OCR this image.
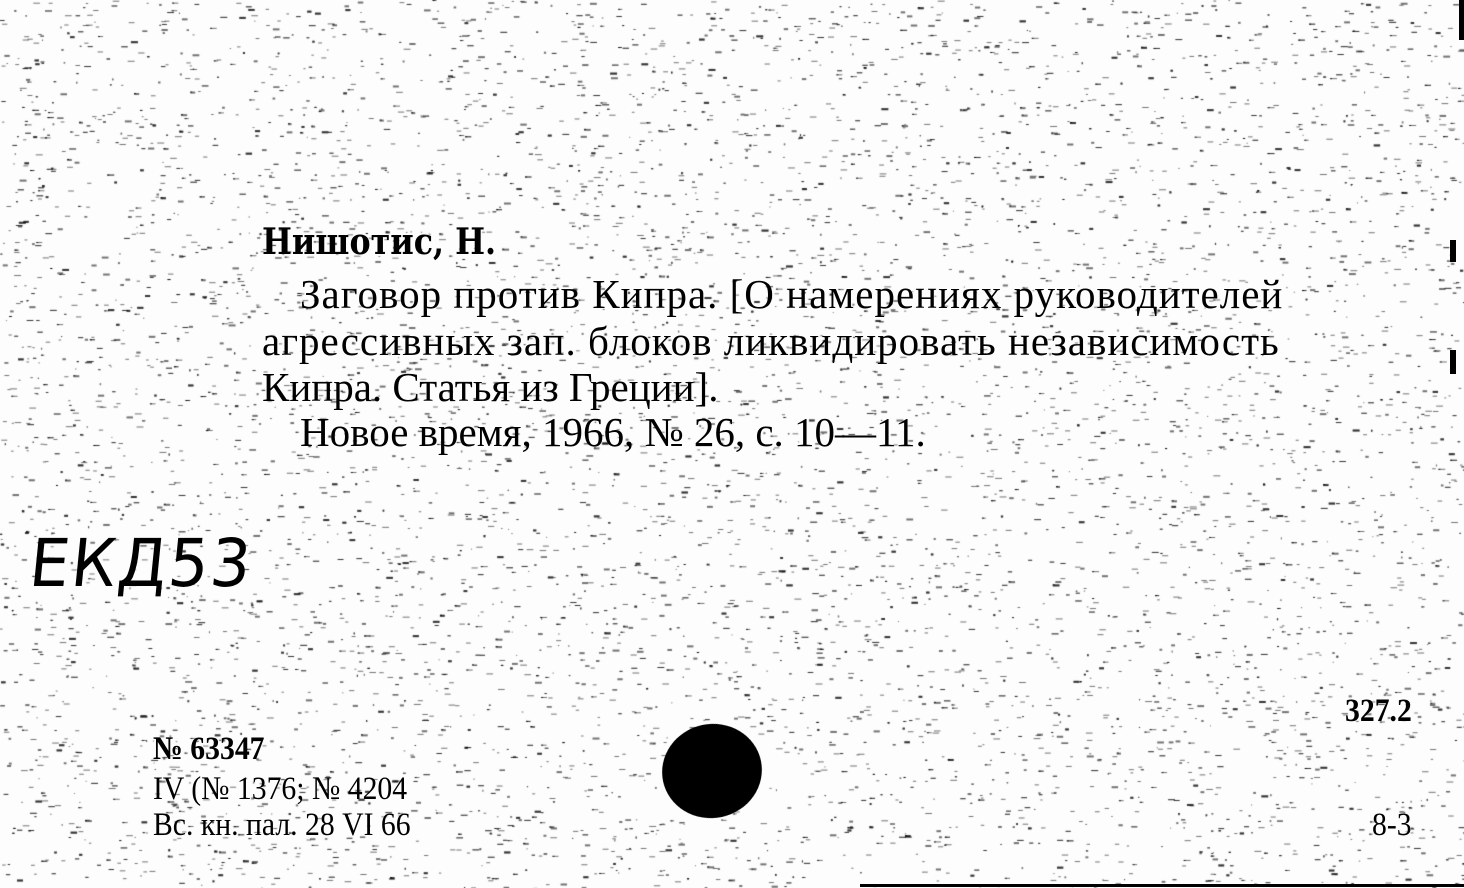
Нишотис, Н.
Заговор против Кипра. [О намерениях руководителей
агрессивных зап. блоков ликвидировать независимость
Кипра. Статья из Греции].
Новое время, 1966, № 26, с. 10—11.
ЕКД53
№ 63347
IV (№ 1376; № 4204
Вс. кн. пал. 28 VI 66
327.2
8-3
